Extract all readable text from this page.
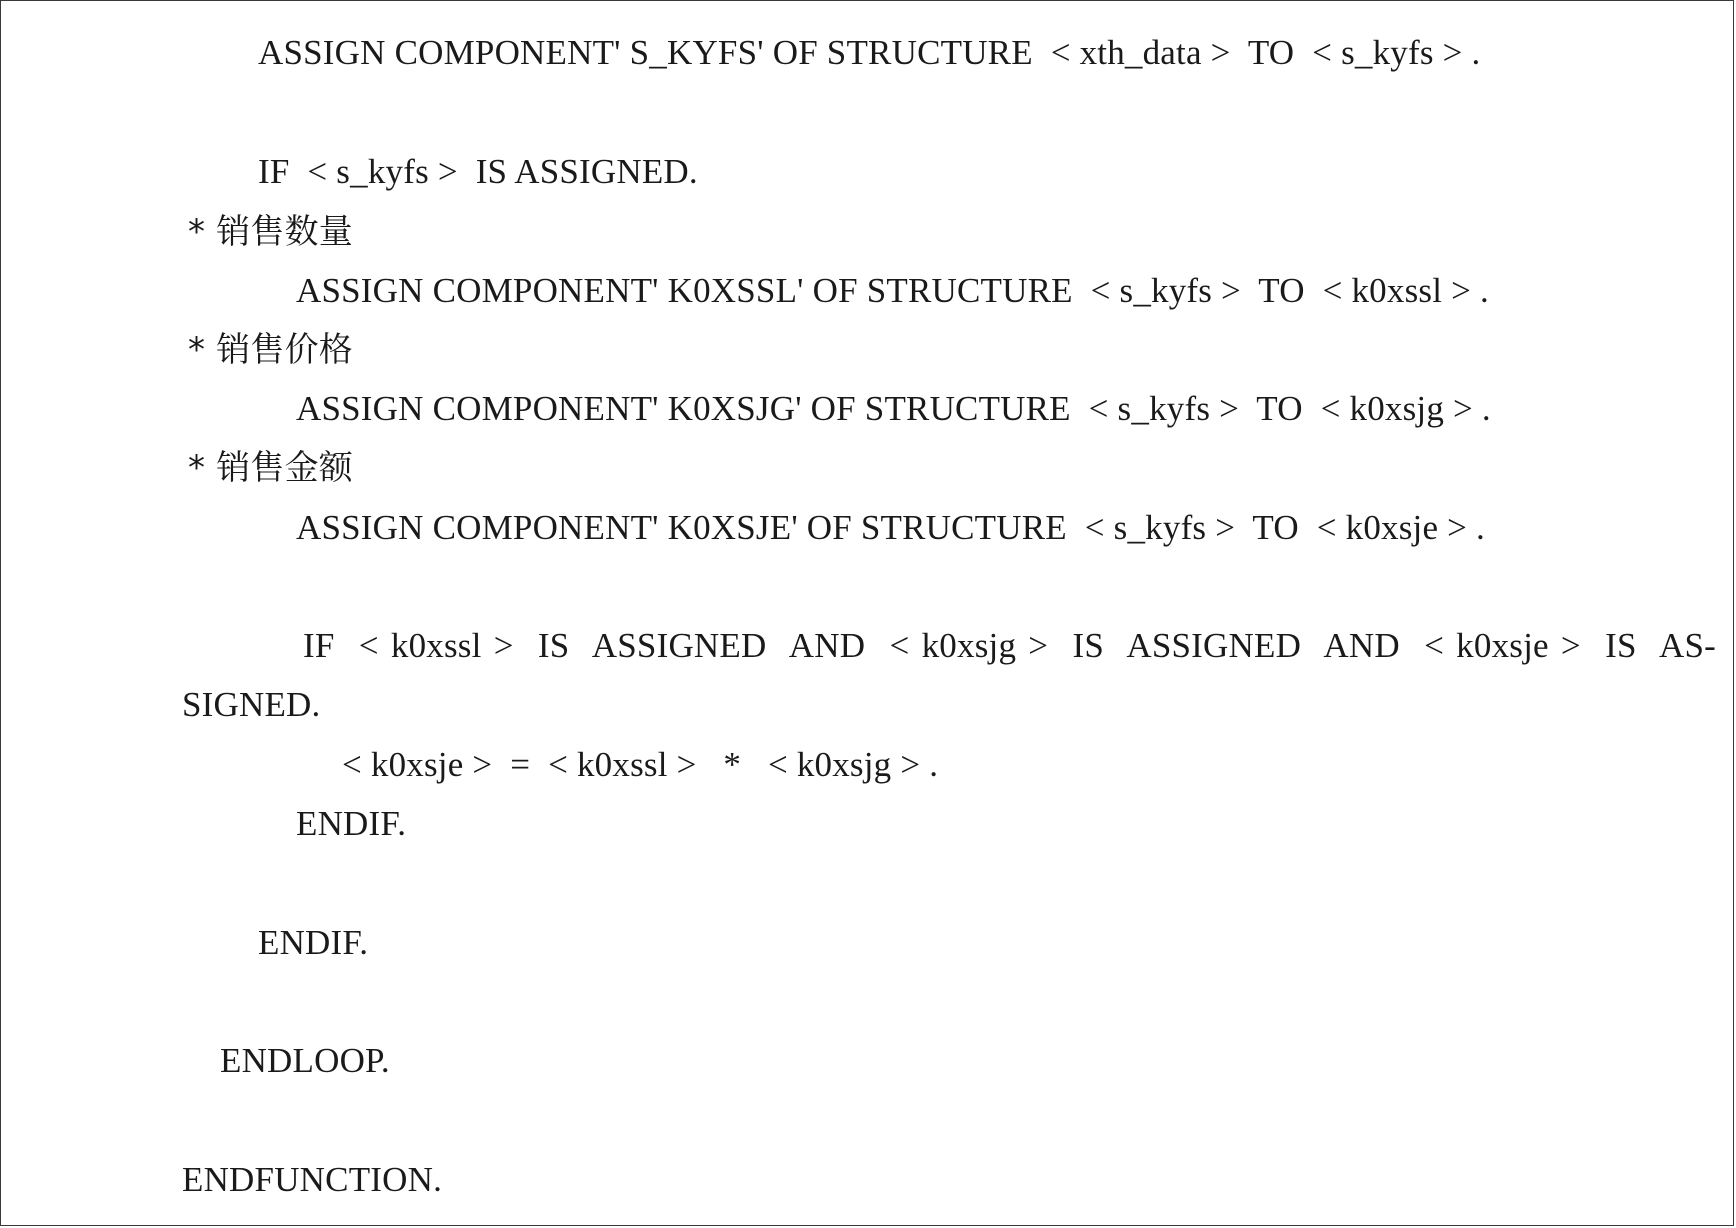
ASSIGN COMPONENT' S_KYFS' OF STRUCTURE  < xth_data >  TO  < s_kyfs > .
IF  < s_kyfs >  IS ASSIGNED.
* 销售数量
ASSIGN COMPONENT' K0XSSL' OF STRUCTURE  < s_kyfs >  TO  < k0xssl > .
* 销售价格
ASSIGN COMPONENT' K0XSJG' OF STRUCTURE  < s_kyfs >  TO  < k0xsjg > .
* 销售金额
ASSIGN COMPONENT' K0XSJE' OF STRUCTURE  < s_kyfs >  TO  < k0xsje > .
IF  < k0xssl >  IS  ASSIGNED  AND  < k0xsjg >  IS  ASSIGNED  AND  < k0xsje >  IS  AS-
SIGNED.
< k0xsje >  =  < k0xssl >   *   < k0xsjg > .
ENDIF.
ENDIF.
ENDLOOP.
ENDFUNCTION.
